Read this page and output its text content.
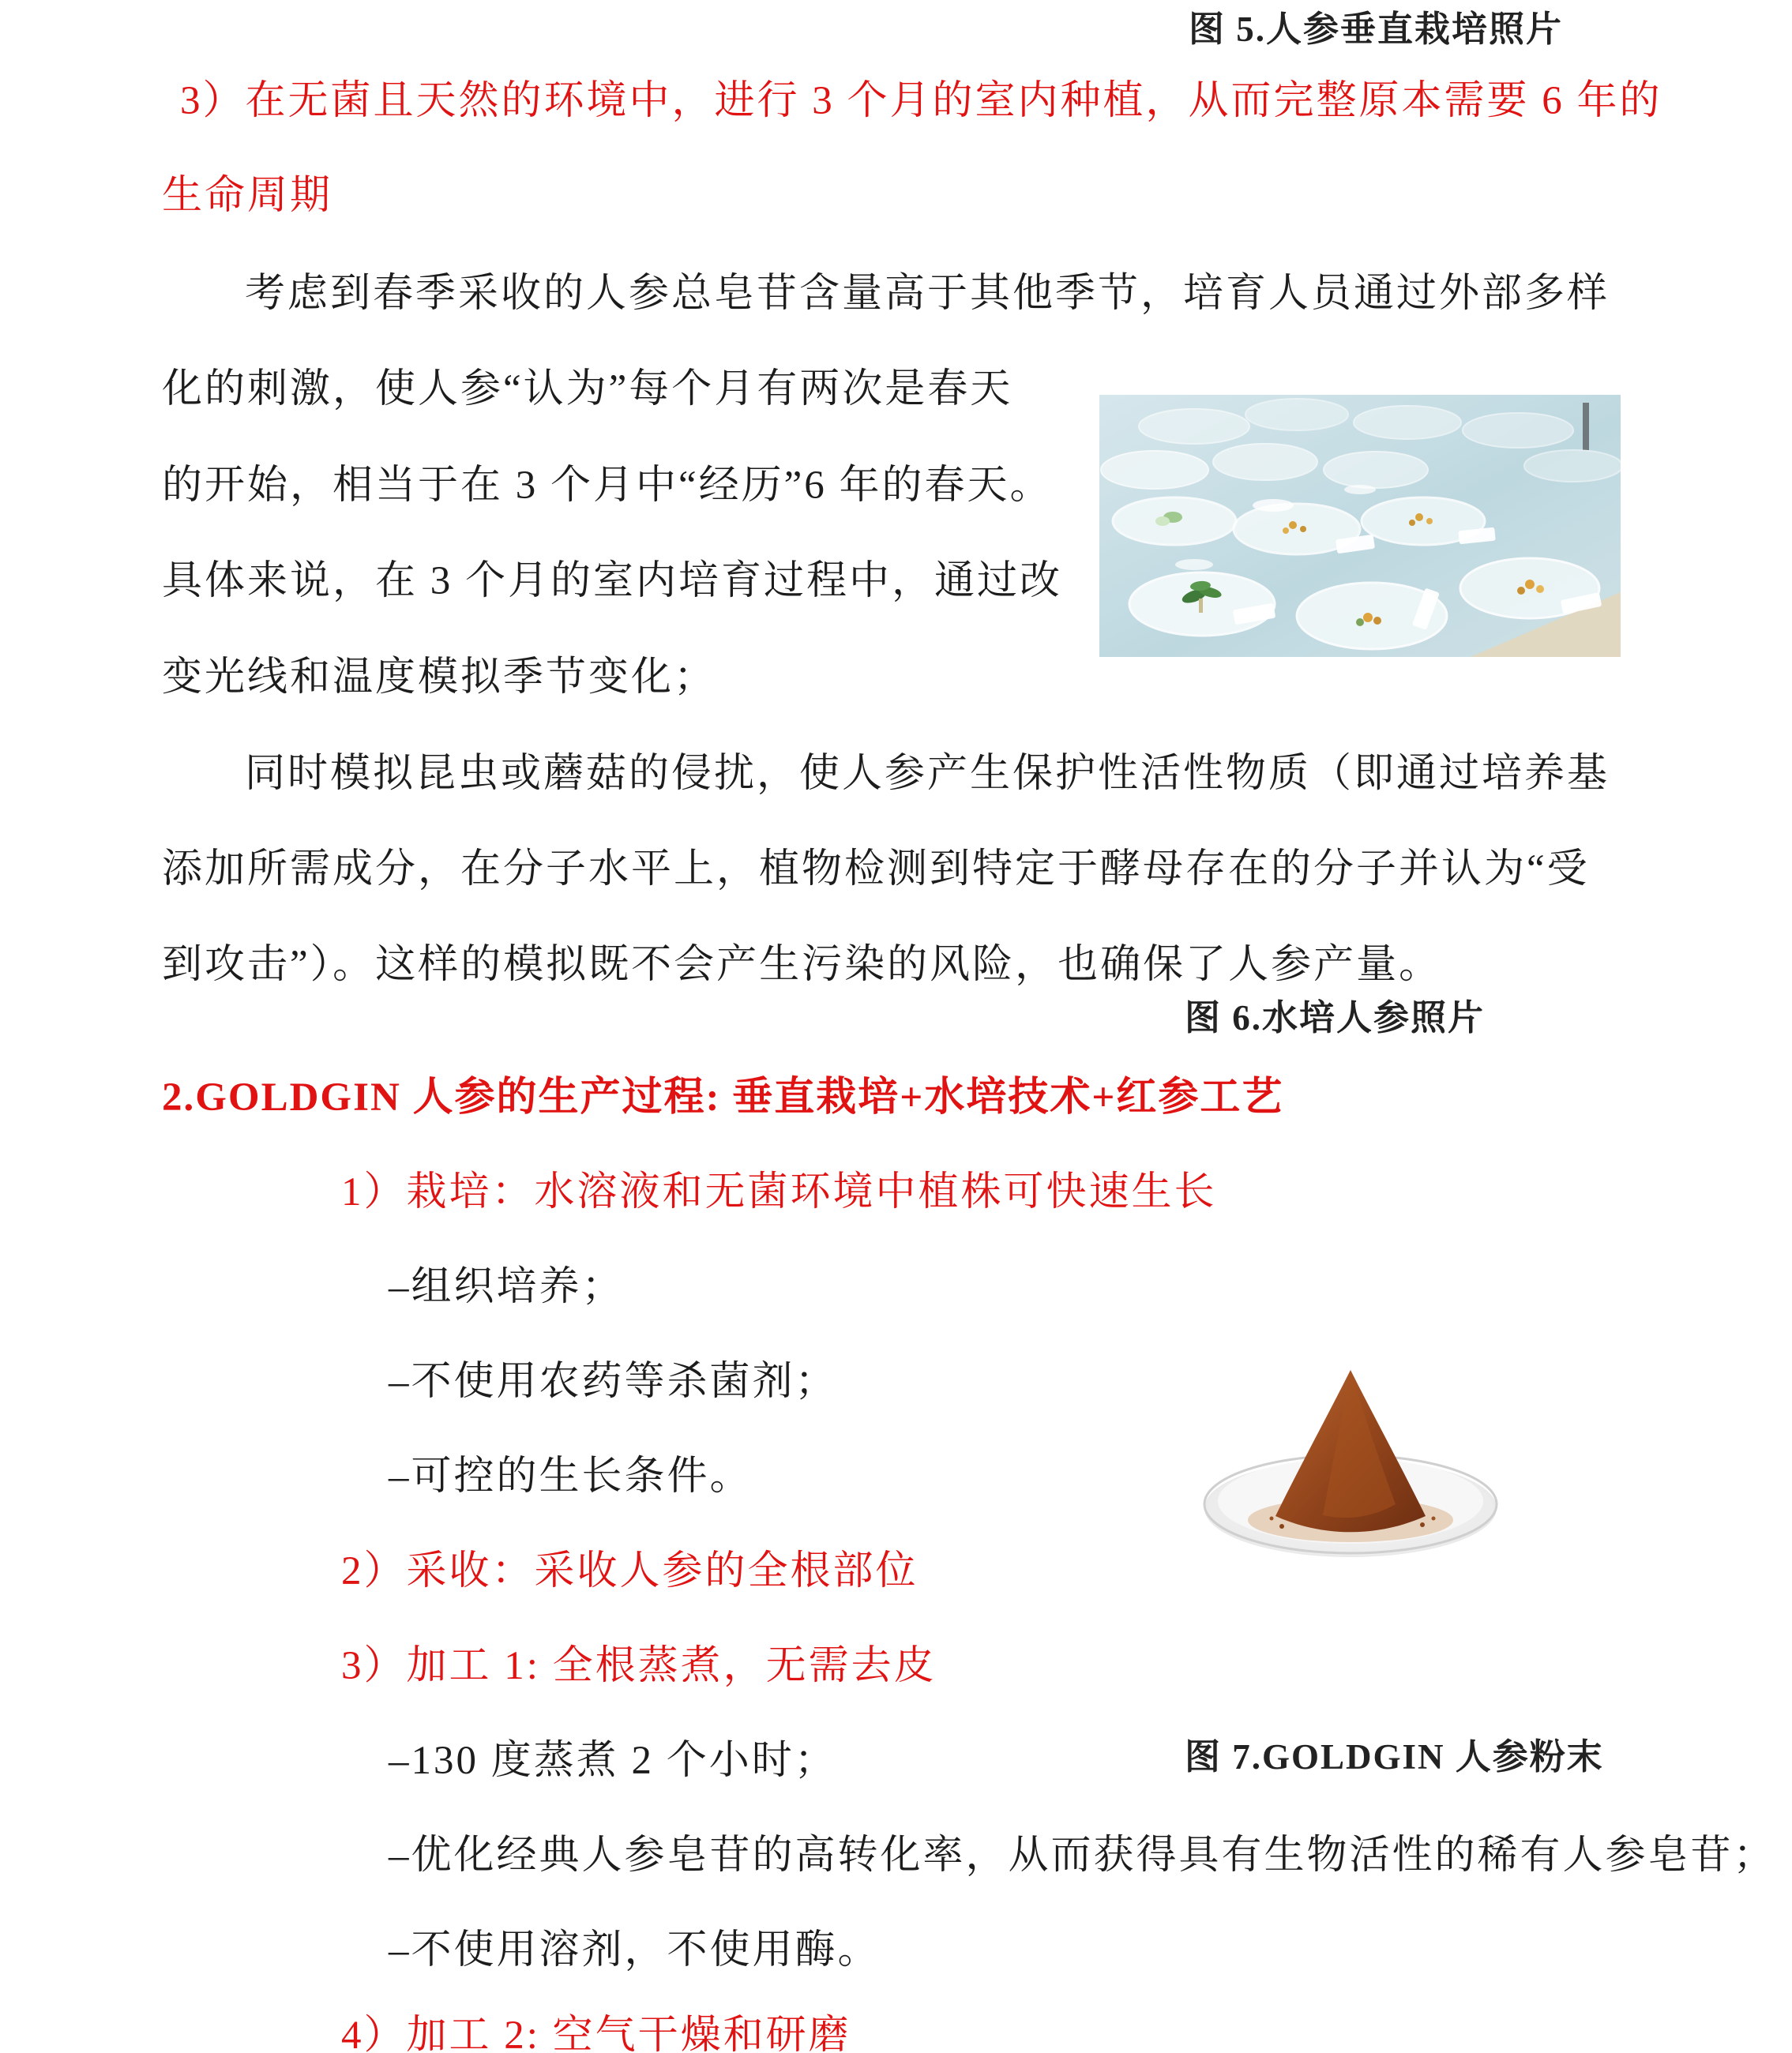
图 5.人参垂直栽培照片
3）在无菌且天然的环境中，进行 3 个月的室内种植，从而完整原本需要 6 年的
生命周期
考虑到春季采收的人参总皂苷含量高于其他季节，培育人员通过外部多样
化的刺激，使人参“认为”每个月有两次是春天
的开始，相当于在 3 个月中“经历”6 年的春天。
具体来说，在 3 个月的室内培育过程中，通过改
变光线和温度模拟季节变化；
同时模拟昆虫或蘑菇的侵扰，使人参产生保护性活性物质（即通过培养基
添加所需成分，在分子水平上，植物检测到特定于酵母存在的分子并认为“受
到攻击”）。这样的模拟既不会产生污染的风险，也确保了人参产量。
图 6.水培人参照片
2.GOLDGIN 人参的生产过程: 垂直栽培+水培技术+红参工艺
1）栽培：水溶液和无菌环境中植株可快速生长
–组织培养；
–不使用农药等杀菌剂；
–可控的生长条件。
2）采收：采收人参的全根部位
3）加工 1: 全根蒸煮，无需去皮
–130 度蒸煮 2 个小时；	图 7.GOLDGIN 人参粉末
–优化经典人参皂苷的高转化率，从而获得具有生物活性的稀有人参皂苷；
–不使用溶剂，不使用酶。
4）加工 2: 空气干燥和研磨
